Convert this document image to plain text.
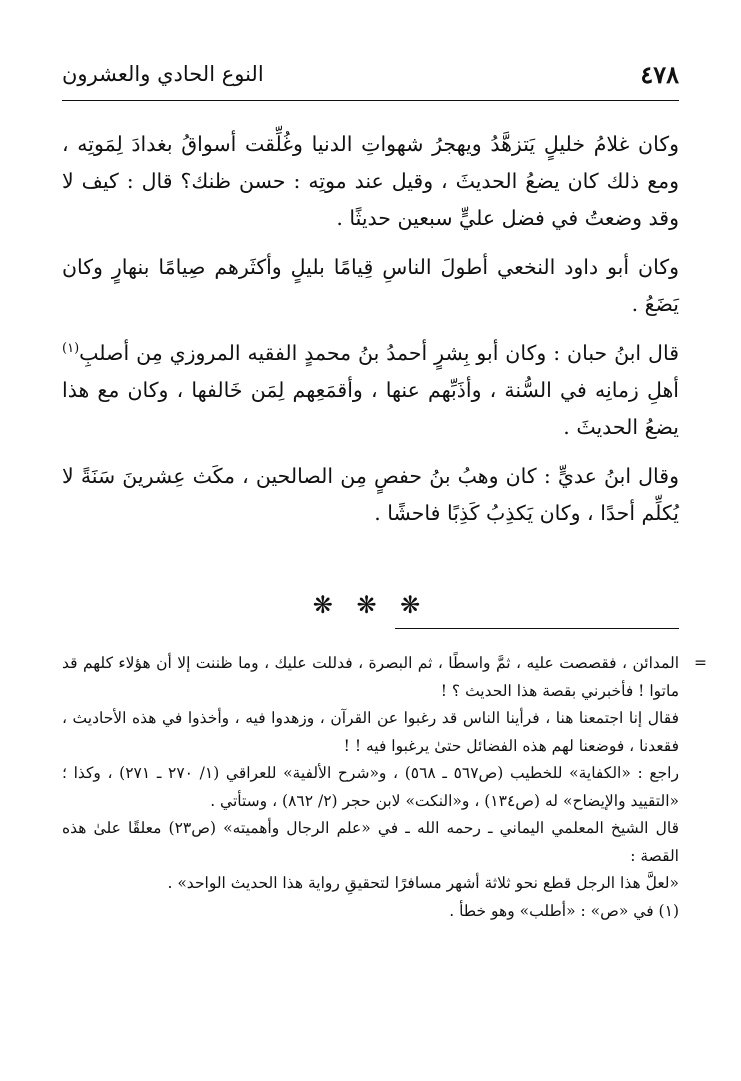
٤٧٨
النوع الحادي والعشرون

وكان غلامُ خليلٍ يَتزهَّدُ ويهجرُ شهواتِ الدنيا وغُلِّقت أسواقُ بغدادَ لِمَوتِه ، ومع ذلك كان يضعُ الحديثَ ، وقيل عند موتِه : حسن ظنك؟ قال : كيف لا وقد وضعتُ في فضل عليٍّ سبعين حديثًا .

وكان أبو داود النخعي أطولَ الناسِ قِيامًا بليلٍ وأكثَرهم صِيامًا بنهارٍ وكان يَضَعُ .

قال ابنُ حبان : وكان أبو بِشرٍ أحمدُ بنُ محمدٍ الفقيه المروزي مِن أصلبِ$^{(١)}$ أهلِ زمانِه في السُّنة ، وأذَبِّهم عنها ، وأقمَعِهم لِمَن خَالفها ، وكان مع هذا يضعُ الحديثَ .

وقال ابنُ عديٍّ : كان وهبُ بنُ حفصٍ مِن الصالحين ، مكَث عِشرينَ سَنَةً لا يُكلِّم أحدًا ، وكان يَكذِبُ كَذِبًا فاحشًا .

❋ ❋ ❋
=

المدائن ، فقصصت عليه ، ثمَّ واسطًا ، ثم البصرة ، فدللت عليك ، وما ظننت إلا أن هؤلاء كلهم قد ماتوا ! فأخبرني بقصة هذا الحديث ؟ !

فقال إنا اجتمعنا هنا ، فرأينا الناس قد رغبوا عن القرآن ، وزهدوا فيه ، وأخذوا في هذه الأحاديث ، فقعدنا ، فوضعنا لهم هذه الفضائل حتىٰ يرغبوا فيه ! !

راجع : «الكفاية» للخطيب (ص٥٦٧ ـ ٥٦٨) ، و«شرح الألفية» للعراقي (١/ ٢٧٠ ـ ٢٧١) ، وكذا ؛ «التقييد والإيضاح» له (ص١٣٤) ، و«النكت» لابن حجر (٢/ ٨٦٢) ، وستأتي .

قال الشيخ المعلمي اليماني ـ رحمه الله ـ في «علم الرجال وأهميته» (ص٢٣) معلقًا علىٰ هذه القصة :

«لعلَّ هذا الرجل قطع نحو ثلاثة أشهر مسافرًا لتحقيقِ رواية هذا الحديث الواحد» .

(١) في «ص» : «أطلب» وهو خطأ .
